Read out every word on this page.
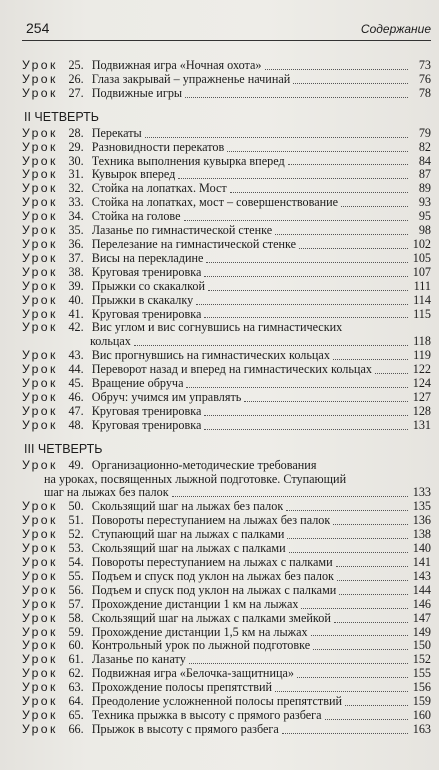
254	Содержание
Урок 25. Подвижная игра «Ночная охота»	73
Урок 26. Глаза закрывай – упражненье начинай	76
Урок 27. Подвижные игры	78
II ЧЕТВЕРТЬ
Урок 28. Перекаты	79
Урок 29. Разновидности перекатов	82
Урок 30. Техника выполнения кувырка вперед	84
Урок 31. Кувырок вперед	87
Урок 32. Стойка на лопатках. Мост	89
Урок 33. Стойка на лопатках, мост – совершенствование	93
Урок 34. Стойка на голове	95
Урок 35. Лазанье по гимнастической стенке	98
Урок 36. Перелезание на гимнастической стенке	102
Урок 37. Висы на перекладине	105
Урок 38. Круговая тренировка	107
Урок 39. Прыжки со скакалкой	111
Урок 40. Прыжки в скакалку	114
Урок 41. Круговая тренировка	115
Урок 42. Вис углом и вис согнувшись на гимнастических
кольцах	118
Урок 43. Вис прогнувшись на гимнастических кольцах	119
Урок 44. Переворот назад и вперед на гимнастических кольцах	122
Урок 45. Вращение обруча	124
Урок 46. Обруч: учимся им управлять	127
Урок 47. Круговая тренировка	128
Урок 48. Круговая тренировка	131
III ЧЕТВЕРТЬ
Урок 49. Организационно-методические требования
на уроках, посвященных лыжной подготовке. Ступающий
шаг на лыжах без палок	133
Урок 50. Скользящий шаг на лыжах без палок	135
Урок 51. Повороты переступанием на лыжах без палок	136
Урок 52. Ступающий шаг на лыжах с палками	138
Урок 53. Скользящий шаг на лыжах с палками	140
Урок 54. Повороты переступанием на лыжах с палками	141
Урок 55. Подъем и спуск под уклон на лыжах без палок	143
Урок 56. Подъем и спуск под уклон на лыжах с палками	144
Урок 57. Прохождение дистанции 1 км на лыжах	146
Урок 58. Скользящий шаг на лыжах с палками змейкой	147
Урок 59. Прохождение дистанции 1,5 км на лыжах	149
Урок 60. Контрольный урок по лыжной подготовке	150
Урок 61. Лазанье по канату	152
Урок 62. Подвижная игра «Белочка-защитница»	155
Урок 63. Прохождение полосы препятствий	156
Урок 64. Преодоление усложненной полосы препятствий	159
Урок 65. Техника прыжка в высоту с прямого разбега	160
Урок 66. Прыжок в высоту с прямого разбега	163
